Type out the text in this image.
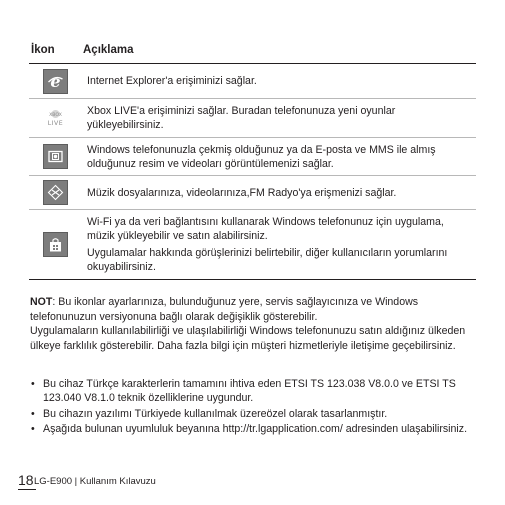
İkon	Açıklama

e	Internet Explorer'a erişiminizi sağlar.

XBOX
LIVE	Xbox LIVE'a erişiminizi sağlar. Buradan telefonunuza yeni oyunlar yükleyebilirsiniz.

Windows telefonunuzla çekmiş olduğunuz ya da E-posta ve MMS ile almış olduğunuz resim ve videoları görüntülemenizi sağlar.

Müzik dosyalarınıza, videolarınıza,FM Radyo'ya erişmenizi sağlar.

Wi-Fi ya da veri bağlantısını kullanarak Windows telefonunuz için uygulama, müzik yükleyebilir ve satın alabilirsiniz.

Uygulamalar hakkında görüşlerinizi belirtebilir, diğer kullanıcıların yorumlarını okuyabilirsiniz.

NOT: Bu ikonlar ayarlarınıza, bulunduğunuz yere, servis sağlayıcınıza ve Windows telefonunuzun versiyonuna bağlı olarak değişiklik gösterebilir.

Uygulamaların kullanılabilirliği ve ulaşılabilirliği Windows telefonunuzu satın aldığınız ülkeden ülkeye farklılık gösterebilir. Daha fazla bilgi için müşteri hizmetleriyle iletişime geçebilirsiniz.

• Bu cihaz Türkçe karakterlerin tamamını ihtiva eden ETSI TS 123.038 V8.0.0 ve ETSI TS 123.040 V8.1.0 teknik özelliklerine uygundur.
• Bu cihazın yazılımı Türkiyede kullanılmak üzereözel olarak tasarlanmıştır.
• Aşağıda bulunan uyumluluk beyanına http://tr.lgapplication.com/ adresinden ulaşabilirsiniz.
18 LG-E900 | Kullanım Kılavuzu
